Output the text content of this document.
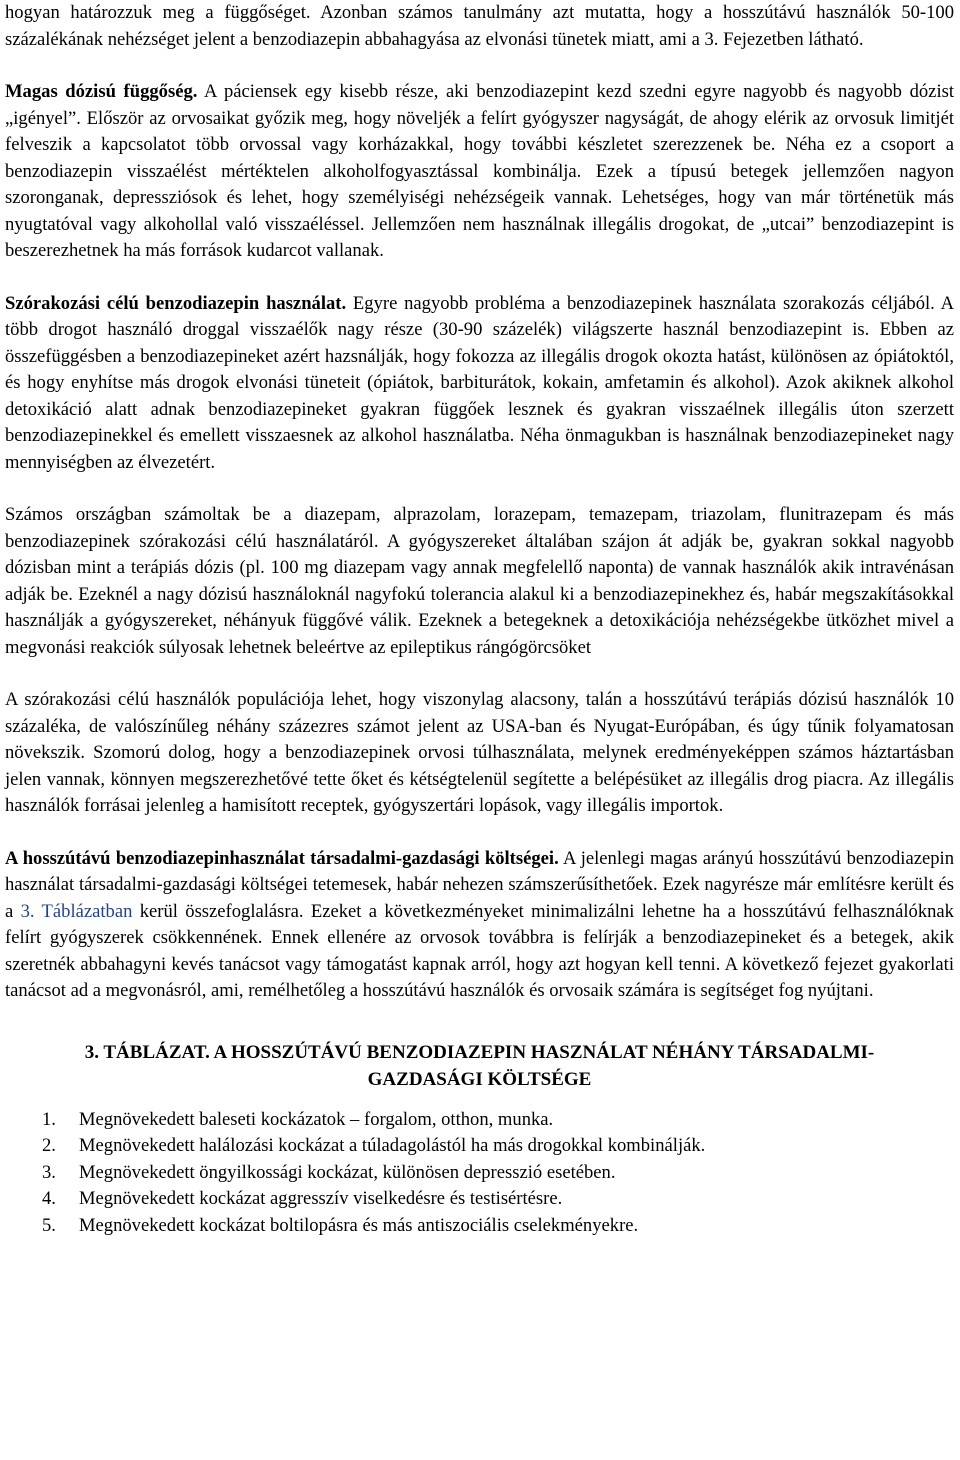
hogyan határozzuk meg a függőséget. Azonban számos tanulmány azt mutatta, hogy a hosszútávú használók 50-100 százalékának nehézséget jelent a benzodiazepin abbahagyása az elvonási tünetek miatt, ami a 3. Fejezetben látható.

Magas dózisú függőség. A páciensek egy kisebb része, aki benzodiazepint kezd szedni egyre nagyobb és nagyobb dózist „igényel”. Először az orvosaikat győzik meg, hogy növeljék a felírt gyógyszer nagyságát, de ahogy elérik az orvosuk limitjét felveszik a kapcsolatot több orvossal vagy korházakkal, hogy további készletet szerezzenek be. Néha ez a csoport a benzodiazepin visszaélést mértéktelen alkoholfogyasztással kombinálja. Ezek a típusú betegek jellemzően nagyon szoronganak, depressziósok és lehet, hogy személyiségi nehézségeik vannak. Lehetséges, hogy van már történetük más nyugtatóval vagy alkohollal való visszaéléssel. Jellemzően nem használnak illegális drogokat, de „utcai” benzodiazepint is beszerezhetnek ha más források kudarcot vallanak.

Szórakozási célú benzodiazepin használat. Egyre nagyobb probléma a benzodiazepinek használata szorakozás céljából. A több drogot használó droggal visszaélők nagy része (30-90 százelék) világszerte használ benzodiazepint is. Ebben az összefüggésben a benzodiazepineket azért hazsnálják, hogy fokozza az illegális drogok okozta hatást, különösen az ópiátoktól, és hogy enyhítse más drogok elvonási tüneteit (ópiátok, barbiturátok, kokain, amfetamin és alkohol). Azok akiknek alkohol detoxikáció alatt adnak benzodiazepineket gyakran függőek lesznek és gyakran visszaélnek illegális úton szerzett benzodiazepinekkel és emellett visszaesnek az alkohol használatba. Néha önmagukban is használnak benzodiazepineket nagy mennyiségben az élvezetért.

Számos országban számoltak be a diazepam, alprazolam, lorazepam, temazepam, triazolam, flunitrazepam és más benzodiazepinek szórakozási célú használatáról. A gyógyszereket általában szájon át adják be, gyakran sokkal nagyobb dózisban mint a terápiás dózis (pl. 100 mg diazepam vagy annak megfelellő naponta) de vannak használók akik intravénásan adják be. Ezeknél a nagy dózisú használoknál nagyfokú tolerancia alakul ki a benzodiazepinekhez és, habár megszakításokkal használják a gyógyszereket, néhányuk függővé válik. Ezeknek a betegeknek a detoxikációja nehézségekbe ütközhet mivel a megvonási reakciók súlyosak lehetnek beleértve az epileptikus rángógörcsöket

A szórakozási célú használók populációja lehet, hogy viszonylag alacsony, talán a hosszútávú terápiás dózisú használók 10 százaléka, de valószínűleg néhány százezres számot jelent az USA-ban és Nyugat-Európában, és úgy tűnik folyamatosan növekszik. Szomorú dolog, hogy a benzodiazepinek orvosi túlhasználata, melynek eredményeképpen számos háztartásban jelen vannak, könnyen megszerezhetővé tette őket és kétségtelenül segítette a belépésüket az illegális drog piacra. Az illegális használók forrásai jelenleg a hamisított receptek, gyógyszertári lopások, vagy illegális importok.

A hosszútávú benzodiazepinhasználat társadalmi-gazdasági költségei. A jelenlegi magas arányú hosszútávú benzodiazepin használat társadalmi-gazdasági költségei tetemesek, habár nehezen számszerűsíthetőek. Ezek nagyrésze már említésre került és a 3. Táblázatban kerül összefoglalásra. Ezeket a következményeket minimalizálni lehetne ha a hosszútávú felhasználóknak felírt gyógyszerek csökkennének. Ennek ellenére az orvosok továbbra is felírják a benzodiazepineket és a betegek, akik szeretnék abbahagyni kevés tanácsot vagy támogatást kapnak arról, hogy azt hogyan kell tenni. A következő fejezet gyakorlati tanácsot ad a megvonásról, ami, remélhetőleg a hosszútávú használók és orvosaik számára is segítséget fog nyújtani.

3. TÁBLÁZAT. A HOSSZÚTÁVÚ BENZODIAZEPIN HASZNÁLAT NÉHÁNY TÁRSADALMI-GAZDASÁGI KÖLTSÉGE
1.	Megnövekedett baleseti kockázatok – forgalom, otthon, munka.
2.	Megnövekedett halálozási kockázat a túladagolástól ha más drogokkal kombinálják.
3.	Megnövekedett öngyilkossági kockázat, különösen depresszió esetében.
4.	Megnövekedett kockázat aggresszív viselkedésre és testisértésre.
5.	Megnövekedett kockázat boltilopásra és más antiszociális cselekményekre.
